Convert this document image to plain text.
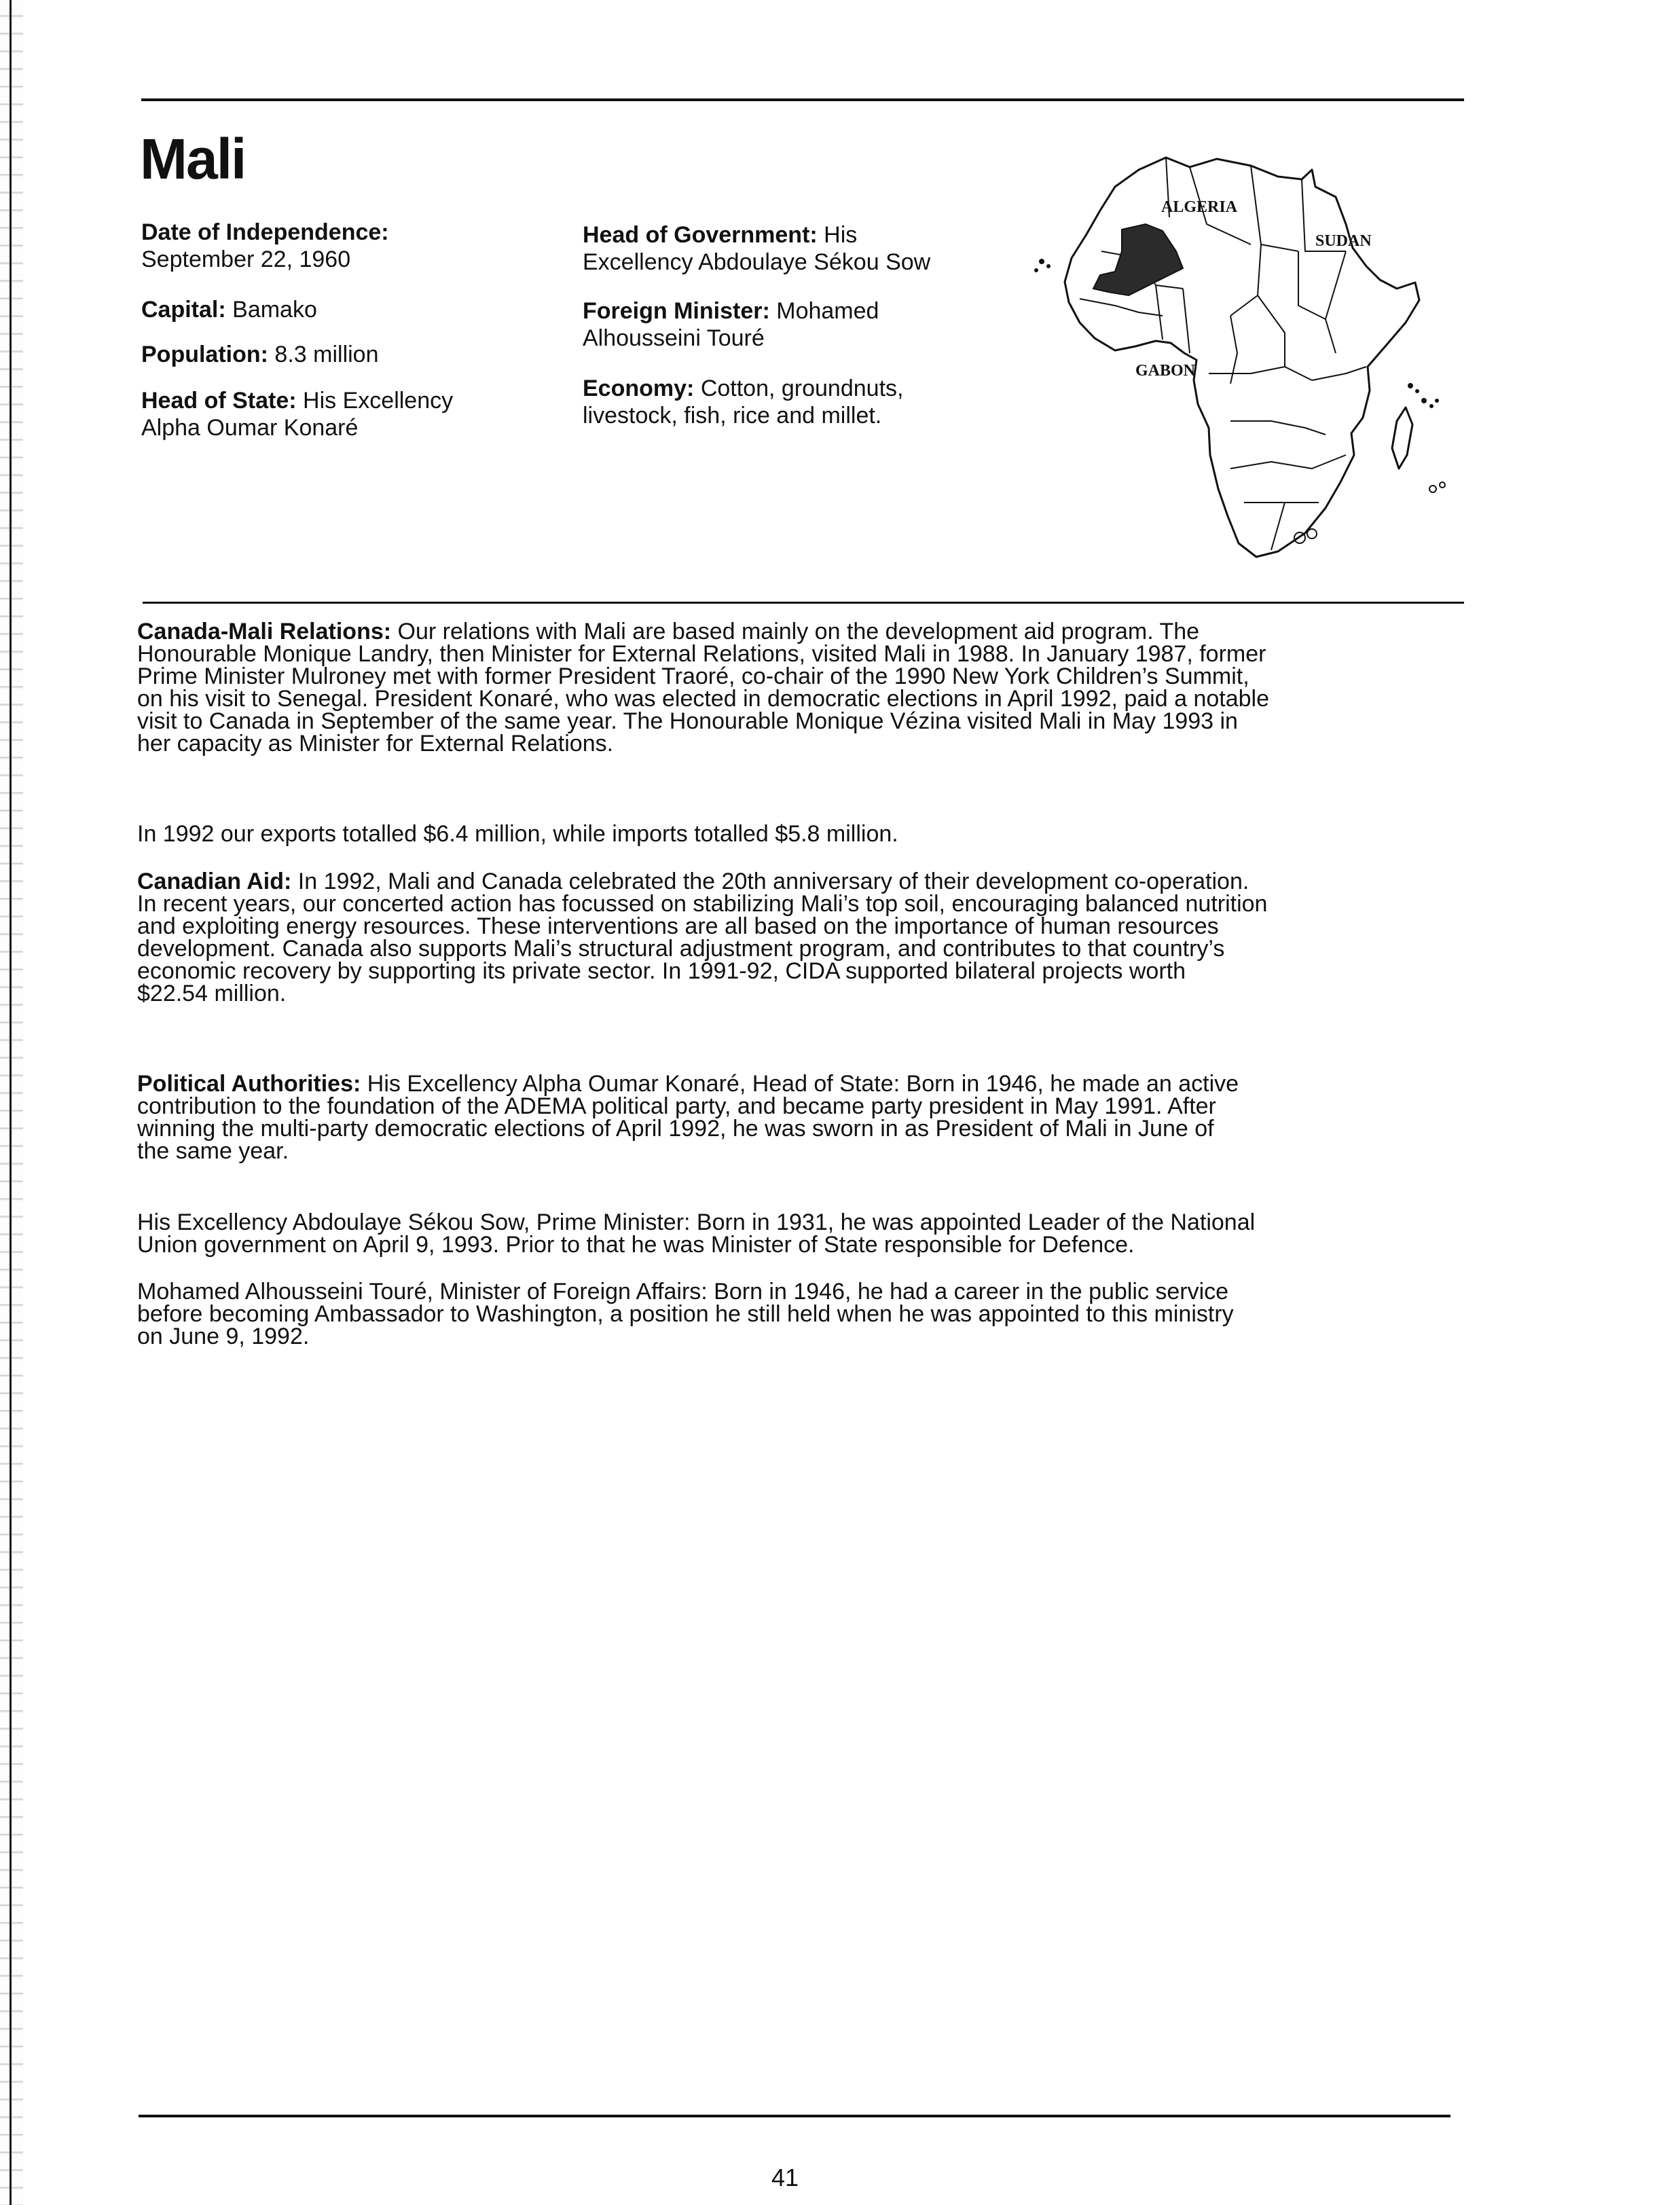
Mali
Date of Independence:
September 22, 1960
Capital: Bamako
Population: 8.3 million
Head of State: His Excellency
Alpha Oumar Konaré
Head of Government: His
Excellency Abdoulaye Sékou Sow
Foreign Minister: Mohamed
Alhousseini Touré
Economy: Cotton, groundnuts,
livestock, fish, rice and millet.
ALGERIA
SUDAN
GABON
Canada-Mali Relations: Our relations with Mali are based mainly on the development aid program. The
Honourable Monique Landry, then Minister for External Relations, visited Mali in 1988. In January 1987, former
Prime Minister Mulroney met with former President Traoré, co-chair of the 1990 New York Children’s Summit,
on his visit to Senegal. President Konaré, who was elected in democratic elections in April 1992, paid a notable
visit to Canada in September of the same year. The Honourable Monique Vézina visited Mali in May 1993 in
her capacity as Minister for External Relations.
In 1992 our exports totalled $6.4 million, while imports totalled $5.8 million.
Canadian Aid: In 1992, Mali and Canada celebrated the 20th anniversary of their development co-operation.
In recent years, our concerted action has focussed on stabilizing Mali’s top soil, encouraging balanced nutrition
and exploiting energy resources. These interventions are all based on the importance of human resources
development. Canada also supports Mali’s structural adjustment program, and contributes to that country’s
economic recovery by supporting its private sector. In 1991-92, CIDA supported bilateral projects worth
$22.54 million.
Political Authorities: His Excellency Alpha Oumar Konaré, Head of State: Born in 1946, he made an active
contribution to the foundation of the ADEMA political party, and became party president in May 1991. After
winning the multi-party democratic elections of April 1992, he was sworn in as President of Mali in June of
the same year.
His Excellency Abdoulaye Sékou Sow, Prime Minister: Born in 1931, he was appointed Leader of the National
Union government on April 9, 1993. Prior to that he was Minister of State responsible for Defence.
Mohamed Alhousseini Touré, Minister of Foreign Affairs: Born in 1946, he had a career in the public service
before becoming Ambassador to Washington, a position he still held when he was appointed to this ministry
on June 9, 1992.
41
